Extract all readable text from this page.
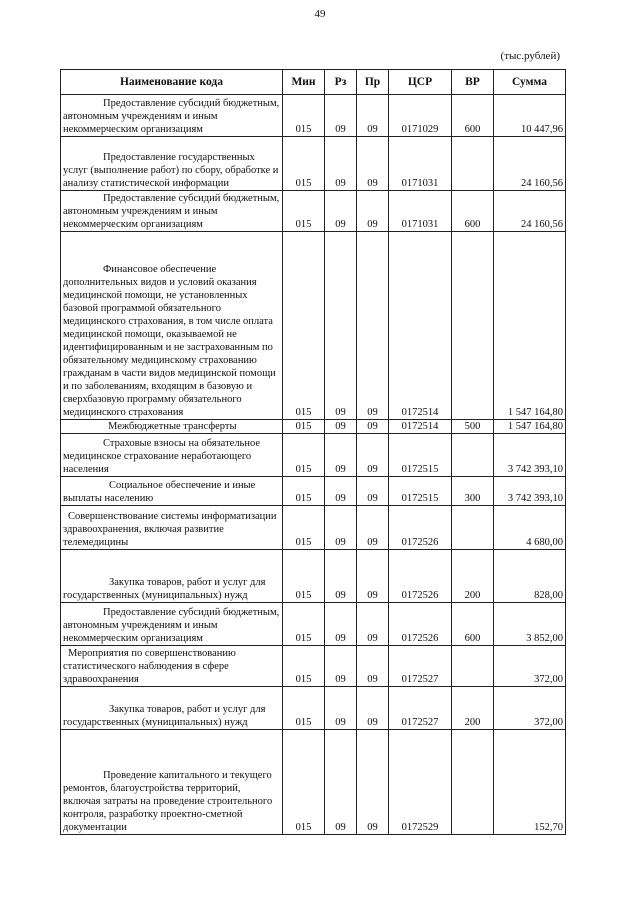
49
(тыс.рублей)
Наименование кода	Мин	Рз	Пр	ЦСР	ВР	Сумма
Предоставление субсидий бюджетным, автономным учреждениям и иным некоммерческим организациям	015	09	09	0171029	600	10 447,96
Предоставление государственных услуг (выполнение работ) по сбору, обработке и анализу статистической информации	015	09	09	0171031		24 160,56
Предоставление субсидий бюджетным, автономным учреждениям и иным некоммерческим организациям	015	09	09	0171031	600	24 160,56
Финансовое обеспечение дополнительных видов и условий оказания медицинской помощи, не установленных базовой программой обязательного медицинского страхования, в том числе оплата медицинской помощи, оказываемой не идентифицированным и не застрахованным по обязательному медицинскому страхованию гражданам в части видов медицинской помощи и по заболеваниям, входящим в базовую и сверхбазовую программу обязательного медицинского страхования	015	09	09	0172514		1 547 164,80
Межбюджетные трансферты	015	09	09	0172514	500	1 547 164,80
Страховые взносы на обязательное медицинское страхование неработающего населения	015	09	09	0172515		3 742 393,10
Социальное обеспечение и иные выплаты населению	015	09	09	0172515	300	3 742 393,10
Совершенствование системы информатизации здравоохранения, включая развитие телемедицины	015	09	09	0172526		4 680,00
Закупка товаров, работ и услуг для государственных (муниципальных) нужд	015	09	09	0172526	200	828,00
Предоставление субсидий бюджетным, автономным учреждениям и иным некоммерческим организациям	015	09	09	0172526	600	3 852,00
Мероприятия по совершенствованию статистического наблюдения в сфере здравоохранения	015	09	09	0172527		372,00
Закупка товаров, работ и услуг для государственных (муниципальных) нужд	015	09	09	0172527	200	372,00
Проведение капитального и текущего ремонтов, благоустройства территорий, включая затраты на проведение строительного контроля, разработку проектно-сметной документации	015	09	09	0172529		152,70
